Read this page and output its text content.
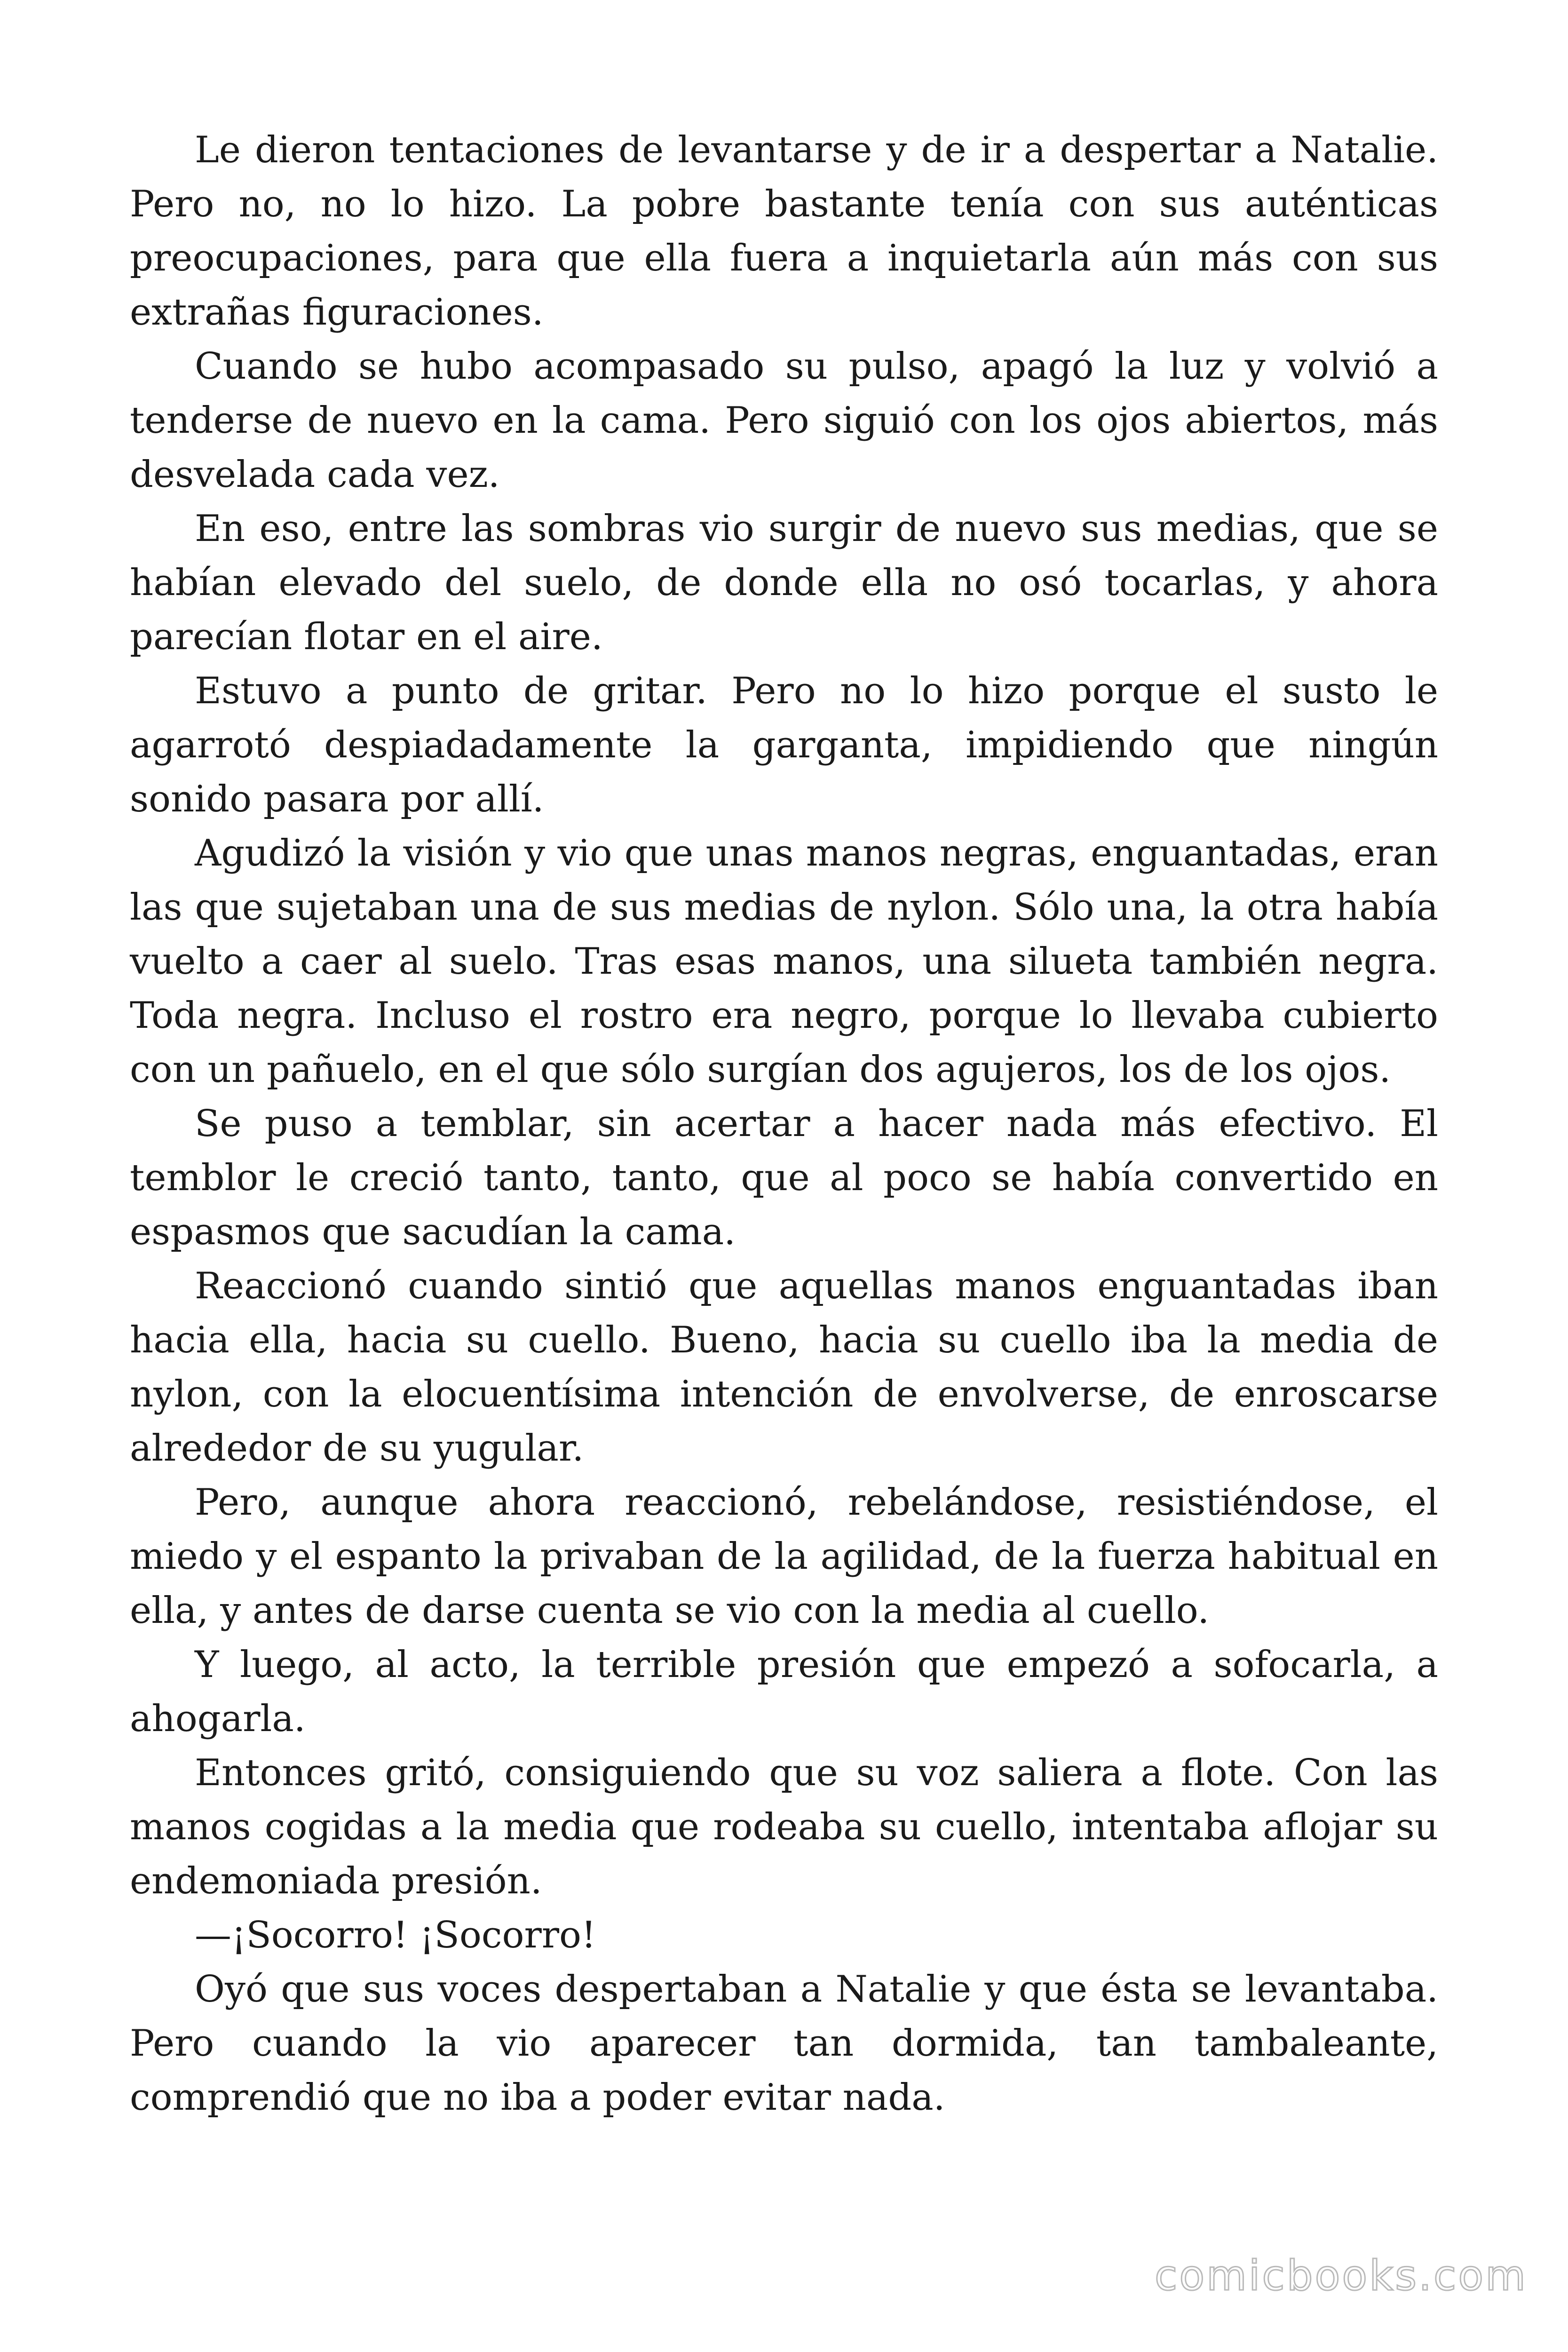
Le dieron tentaciones de levantarse y de ir a despertar a Natalie. Pero no, no lo hizo. La pobre bastante tenía con sus auténticas preocupaciones, para que ella fuera a inquietarla aún más con sus extrañas figuraciones.

Cuando se hubo acompasado su pulso, apagó la luz y volvió a tenderse de nuevo en la cama. Pero siguió con los ojos abiertos, más desvelada cada vez.

En eso, entre las sombras vio surgir de nuevo sus medias, que se habían elevado del suelo, de donde ella no osó tocarlas, y ahora parecían flotar en el aire.

Estuvo a punto de gritar. Pero no lo hizo porque el susto le agarrotó despiadadamente la garganta, impidiendo que ningún sonido pasara por allí.

Agudizó la visión y vio que unas manos negras, enguantadas, eran las que sujetaban una de sus medias de nylon. Sólo una, la otra había vuelto a caer al suelo. Tras esas manos, una silueta también negra. Toda negra. Incluso el rostro era negro, porque lo llevaba cubierto con un pañuelo, en el que sólo surgían dos agujeros, los de los ojos.

Se puso a temblar, sin acertar a hacer nada más efectivo. El temblor le creció tanto, tanto, que al poco se había convertido en espasmos que sacudían la cama.

Reaccionó cuando sintió que aquellas manos enguantadas iban hacia ella, hacia su cuello. Bueno, hacia su cuello iba la media de nylon, con la elocuentísima intención de envolverse, de enroscarse alrededor de su yugular.

Pero, aunque ahora reaccionó, rebelándose, resistiéndose, el miedo y el espanto la privaban de la agilidad, de la fuerza habitual en ella, y antes de darse cuenta se vio con la media al cuello.

Y luego, al acto, la terrible presión que empezó a sofocarla, a ahogarla.

Entonces gritó, consiguiendo que su voz saliera a flote. Con las manos cogidas a la media que rodeaba su cuello, intentaba aflojar su endemoniada presión.

—¡Socorro! ¡Socorro!

Oyó que sus voces despertaban a Natalie y que ésta se levantaba. Pero cuando la vio aparecer tan dormida, tan tambaleante, comprendió que no iba a poder evitar nada.

comicbooks.com
